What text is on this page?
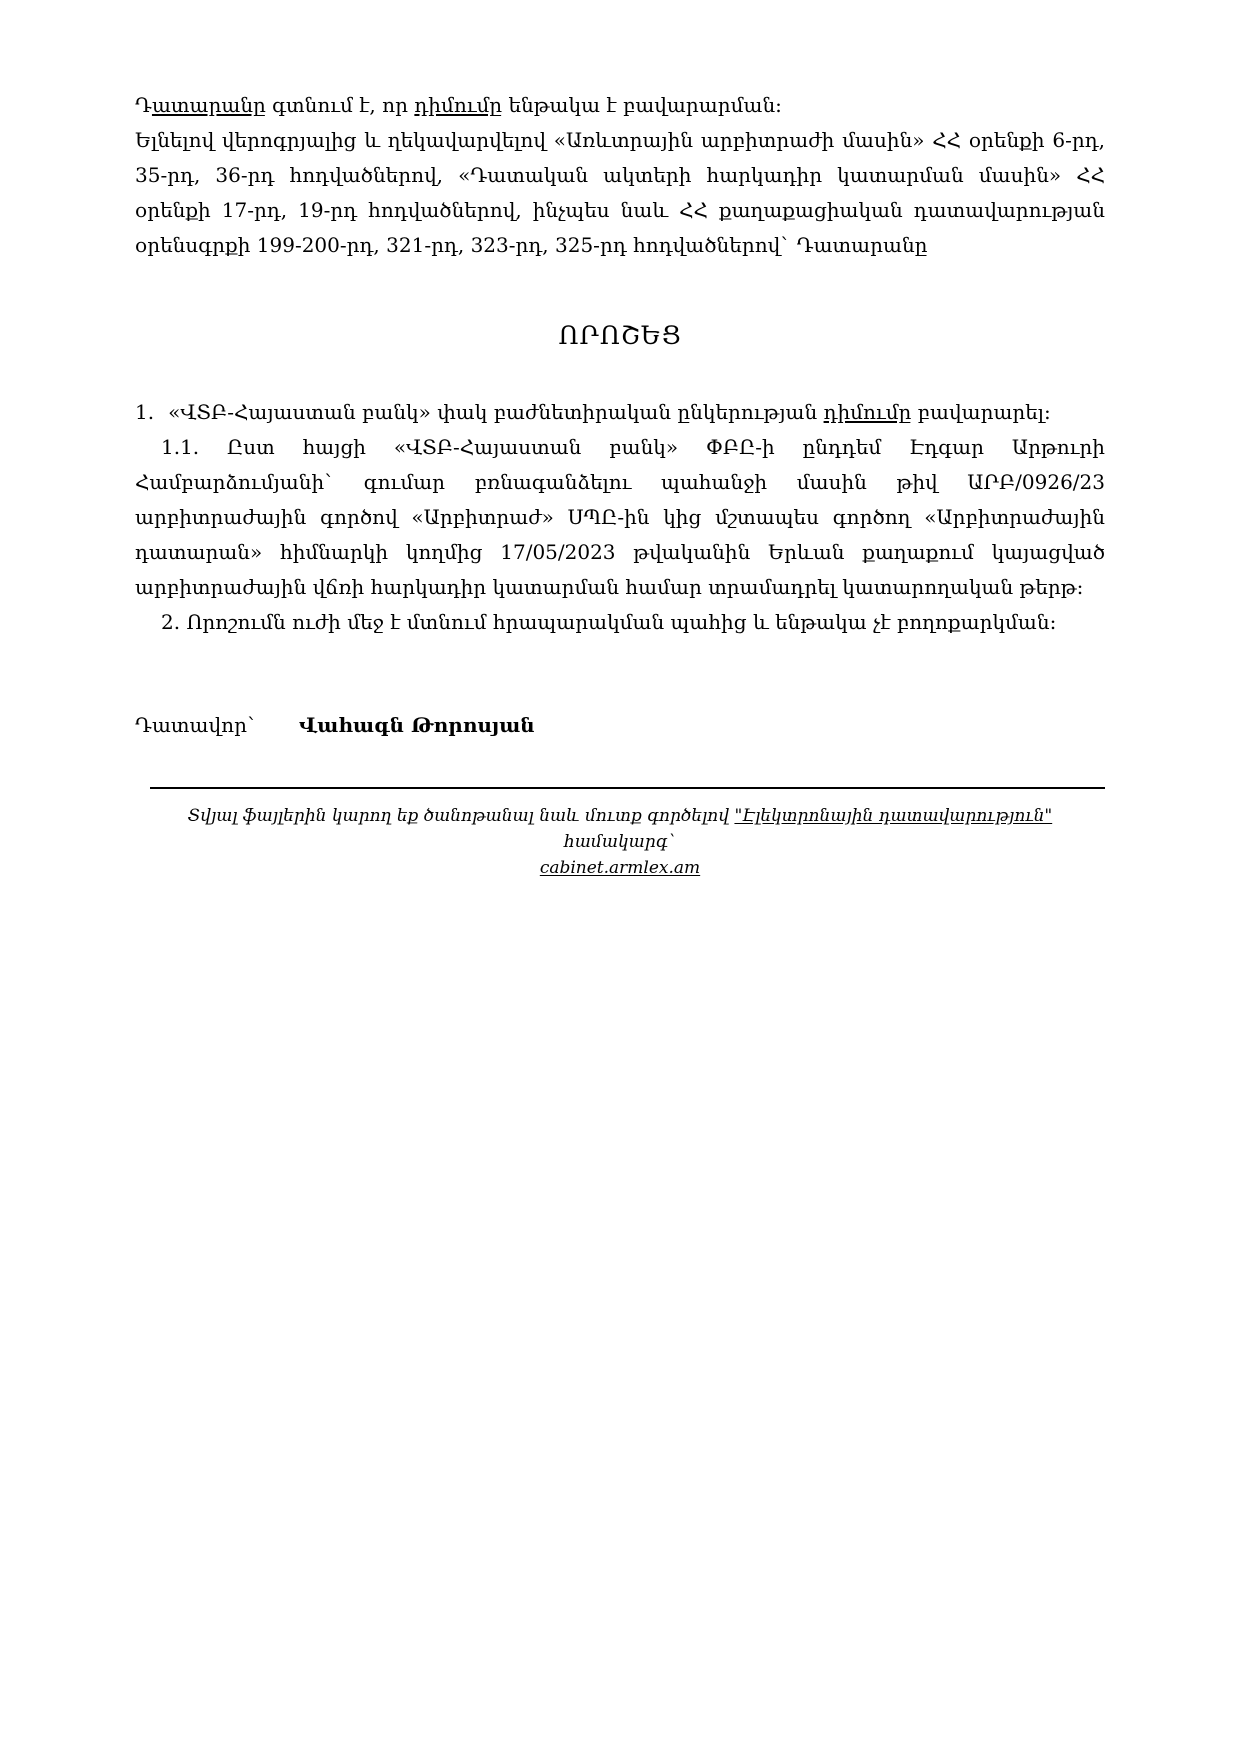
Դատարանը գտնում է, որ դիմումը ենթակա է բավարարման:

Ելնելով վերոգրյալից և ղեկավարվելով «Առևտրային արբիտրաժի մասին» ՀՀ օրենքի 6-րդ, 35-րդ, 36-րդ հոդվածներով, «Դատական ակտերի հարկադիր կատարման մասին» ՀՀ օրենքի 17-րդ, 19-րդ հոդվածներով, ինչպես նաև ՀՀ քաղաքացիական դատավարության օրենսգրքի 199-200-րդ, 321-րդ, 323-րդ, 325-րդ հոդվածներով` Դատարանը

ՈՐՈՇԵՑ

1. «ՎՏԲ-Հայաստան բանկ» փակ բաժնետիրական ընկերության դիմումը բավարարել:

1.1. Ըստ հայցի «ՎՏԲ-Հայաստան բանկ» ՓԲԸ-ի ընդդեմ Էդգար Արթուրի Համբարձումյանի` գումար բռնագանձելու պահանջի մասին թիվ ԱՐԲ/0926/23 արբիտրաժային գործով «Արբիտրաժ» ՍՊԸ-ին կից մշտապես գործող «Արբիտրաժային դատարան» հիմնարկի կողմից 17/05/2023 թվականին Երևան քաղաքում կայացված արբիտրաժային վճռի հարկադիր կատարման համար տրամադրել կատարողական թերթ:

2. Որոշումն ուժի մեջ է մտնում հրապարակման պահից և ենթակա չէ բողոքարկման:

Դատավոր` Վահագն Թորոսյան

Տվյալ ֆայլերին կարող եք ծանոթանալ նաև մուտք գործելով "Էլեկտրոնային դատավարություն" համակարգ`

cabinet.armlex.am
